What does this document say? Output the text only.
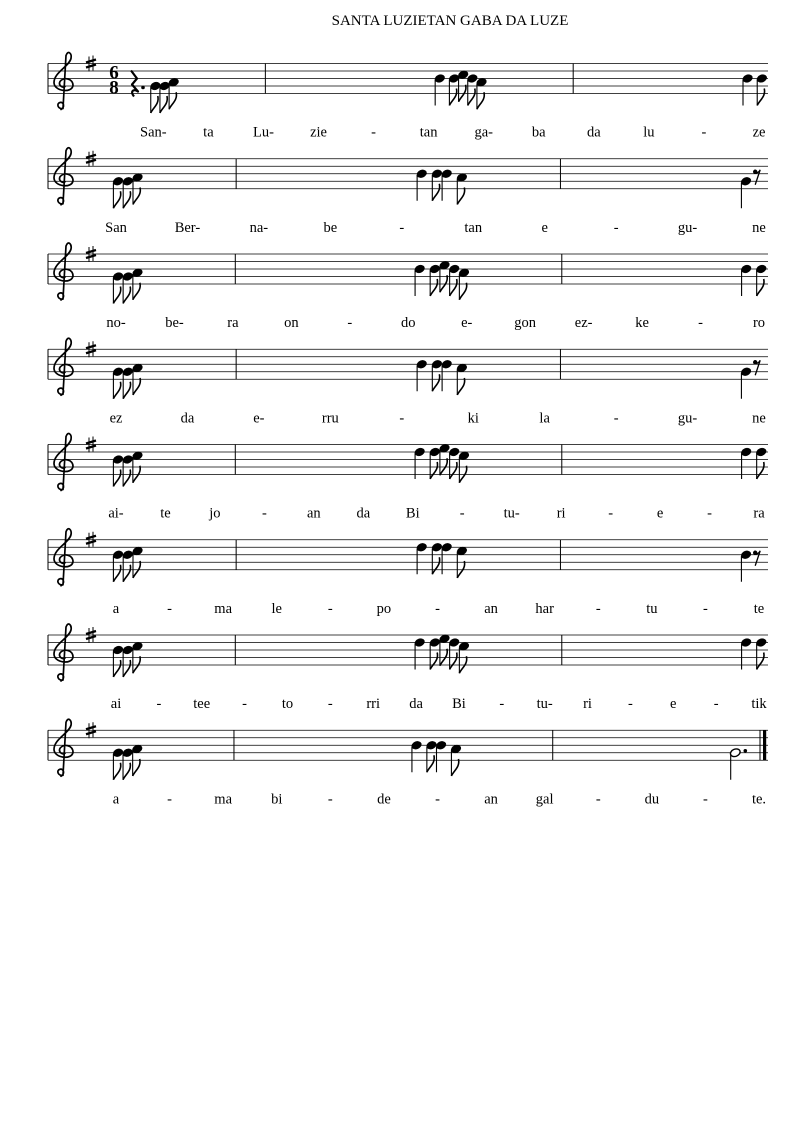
SANTA LUZIETAN GABA DA LUZE
6
8
San-	ta	Lu- zie	-	tan	ga-	ba	da	lu	-	ze
San	Ber-	na-	be	-	tan	e	-	gu-	ne
no-	be-	ra	on	-	do	e-	gon	ez-	ke	-	ro
ez	da	e-	rru	-	ki	la	-	gu-	ne
ai-	te	jo	-	an da Bi	-	tu-	ri	-	e	-	ra
a	-	ma	le	-	po	-	an	har	-	tu	-	te
ai - tee - to - rri da Bi - tu- ri -	e	- tik
a	-	ma	bi	-	de	-	an	gal	-	du	-	te.
